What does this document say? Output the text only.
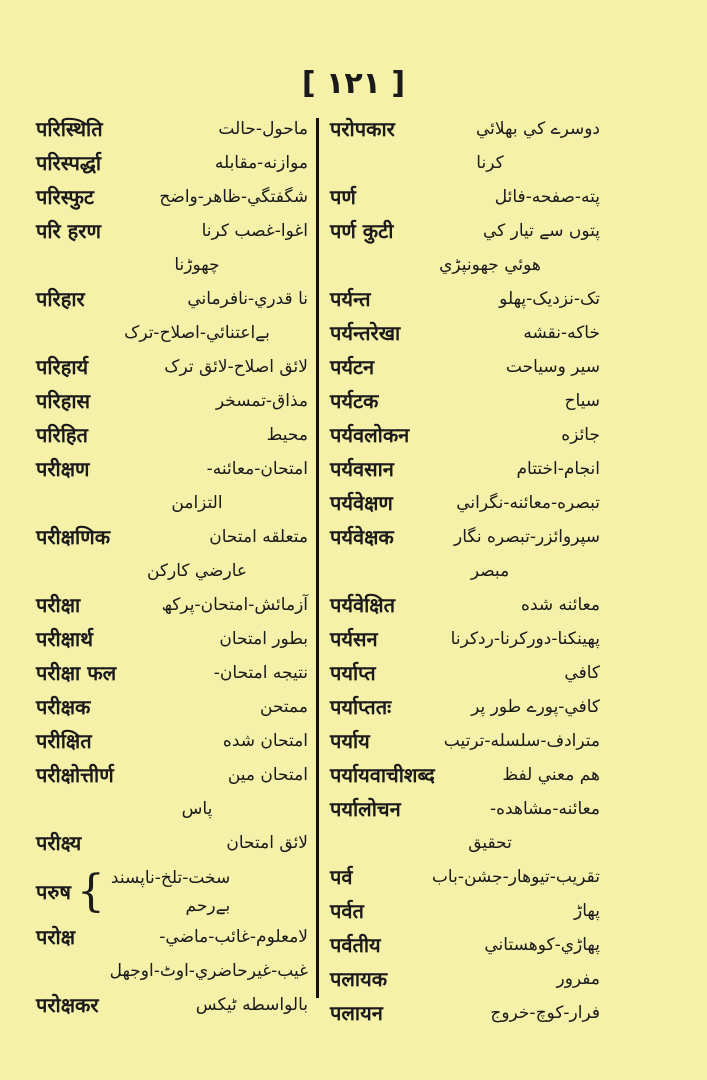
[ ١٢١ ]
परिस्थिति	ماحول-حالت
परिस्पर्द्धा	موازنه-مقابله
परिस्फुट	شگفتگي-ظاهر-واضح
परि हरण	اغوا-غصب كرنا
چهوڑنا
परिहार	نا قدري-نافرماني
بےاعتنائي-اصلاح-ترک
परिहार्य	لائق اصلاح-لائق ترک
परिहास	مذاق-تمسخر
परिहित	محيط
परीक्षण	امتحان-معائنه-
التزامن
परीक्षणिक	متعلقه امتحان
عارضي كاركن
परीक्षा	آزمائش-امتحان-پركھ
परीक्षार्थ	بطور امتحان
परीक्षा फल	نتيجه امتحان-
परीक्षक	ممتحن
परीक्षित	امتحان شده
परीक्षोत्तीर्ण	امتحان مين
پاس
परीक्ष्य	لائق امتحان
परुष { سخت-تلخ-ناپسند
بےرحم
परोक्ष	لامعلوم-غائب-ماضي-
غيب-غيرحاضري-اوٹ-اوجھل
परोक्षकर	بالواسطه ٹيكس
परोपकार	دوسرے كي بهلائي
كرنا
पर्ण	پته-صفحه-فائل
पर्ण कुटी	پتوں سے تيار كي
هوئي جهونپڑي
पर्यन्त	تک-نزديک-پهلو
पर्यन्तरेखा	خاكه-نقشه
पर्यटन	سير وسياحت
पर्यटक	سياح
पर्यवलोकन	جائزه
पर्यवसान	انجام-اختتام
पर्यवेक्षण	تبصره-معائنه-نگراني
पर्यवेक्षक	سپروائزر-تبصره نگار
مبصر
पर्यवेक्षित	معائنه شده
पर्यसन	پهينكنا-دوركرنا-ردكرنا
पर्याप्त	كافي
पर्याप्ततः	كافي-پورے طور پر
पर्याय	مترادف-سلسله-ترتيب
पर्यायवाचीशब्द	هم معني لفظ
पर्यालोचन	معائنه-مشاهده-
تحقيق
पर्व	تقريب-تيوهار-جشن-باب
पर्वत	پهاڑ
पर्वतीय	پهاڑي-كوهستاني
पलायक	مفرور
पलायन	فرار-كوچ-خروج
